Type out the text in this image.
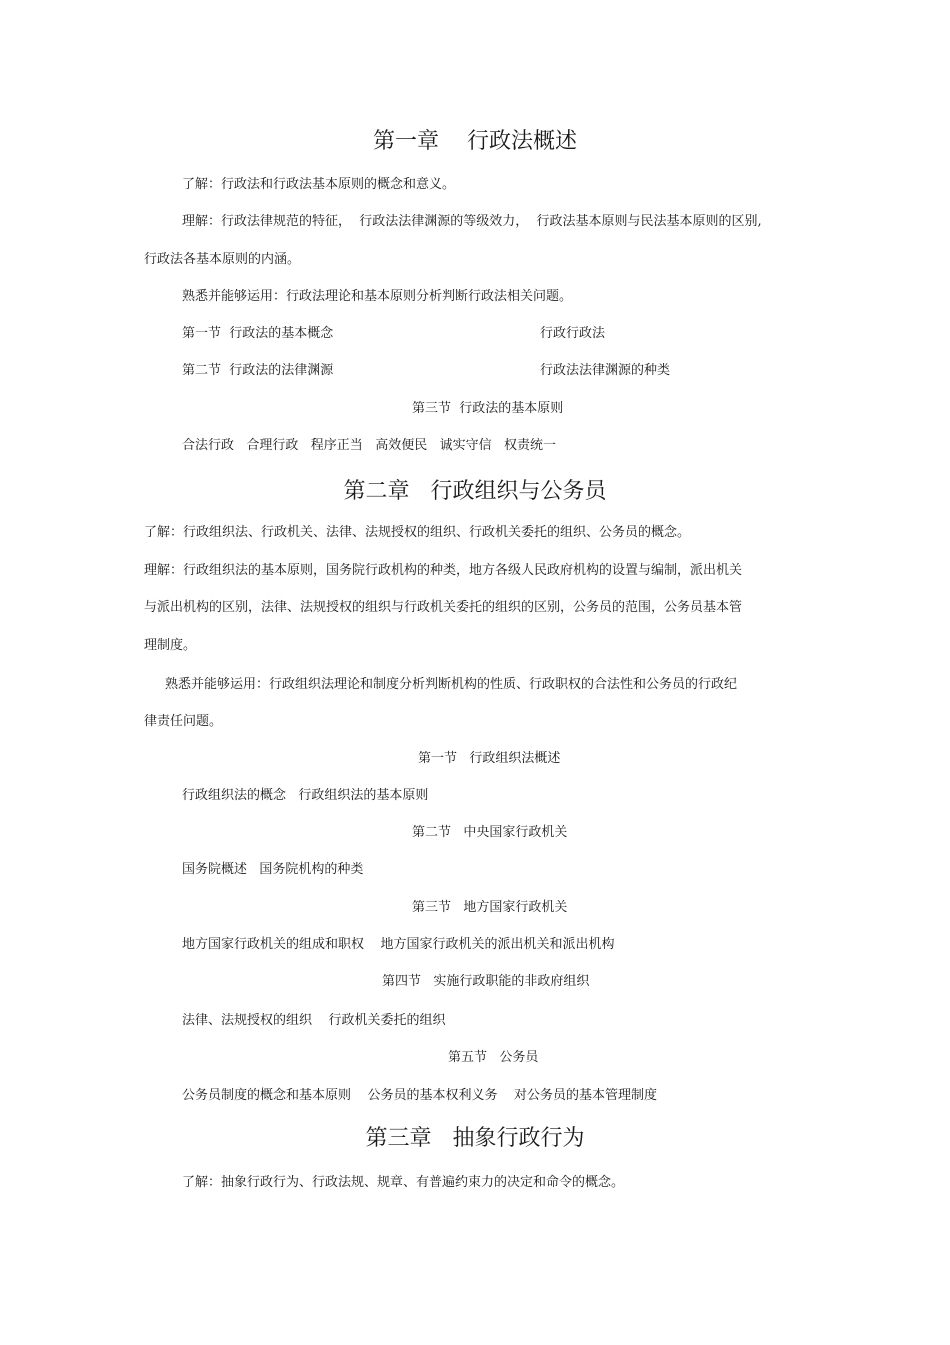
第一章    行政法概述
了解：行政法和行政法基本原则的概念和意义。
理解：行政法律规范的特征，  行政法法律渊源的等级效力，  行政法基本原则与民法基本原则的区别,
行政法各基本原则的内涵。
熟悉并能够运用：行政法理论和基本原则分析判断行政法相关问题。
第一节  行政法的基本概念	行政行政法
第二节  行政法的法律渊源	行政法法律渊源的种类
第三节  行政法的基本原则
合法行政   合理行政   程序正当   高效便民   诚实守信   权责统一
第二章   行政组织与公务员
了解：行政组织法、行政机关、法律、法规授权的组织、行政机关委托的组织、公务员的概念。
理解：行政组织法的基本原则，国务院行政机构的种类，地方各级人民政府机构的设置与编制，派出机关
与派出机构的区别，法律、法规授权的组织与行政机关委托的组织的区别，公务员的范围，公务员基本管
理制度。
熟悉并能够运用：行政组织法理论和制度分析判断机构的性质、行政职权的合法性和公务员的行政纪
律责任问题。
第一节   行政组织法概述
行政组织法的概念   行政组织法的基本原则
第二节   中央国家行政机关
国务院概述   国务院机构的种类
第三节   地方国家行政机关
地方国家行政机关的组成和职权    地方国家行政机关的派出机关和派出机构
第四节   实施行政职能的非政府组织
法律、法规授权的组织    行政机关委托的组织
第五节   公务员
公务员制度的概念和基本原则    公务员的基本权利义务    对公务员的基本管理制度
第三章   抽象行政行为
了解：抽象行政行为、行政法规、规章、有普遍约束力的决定和命令的概念。
